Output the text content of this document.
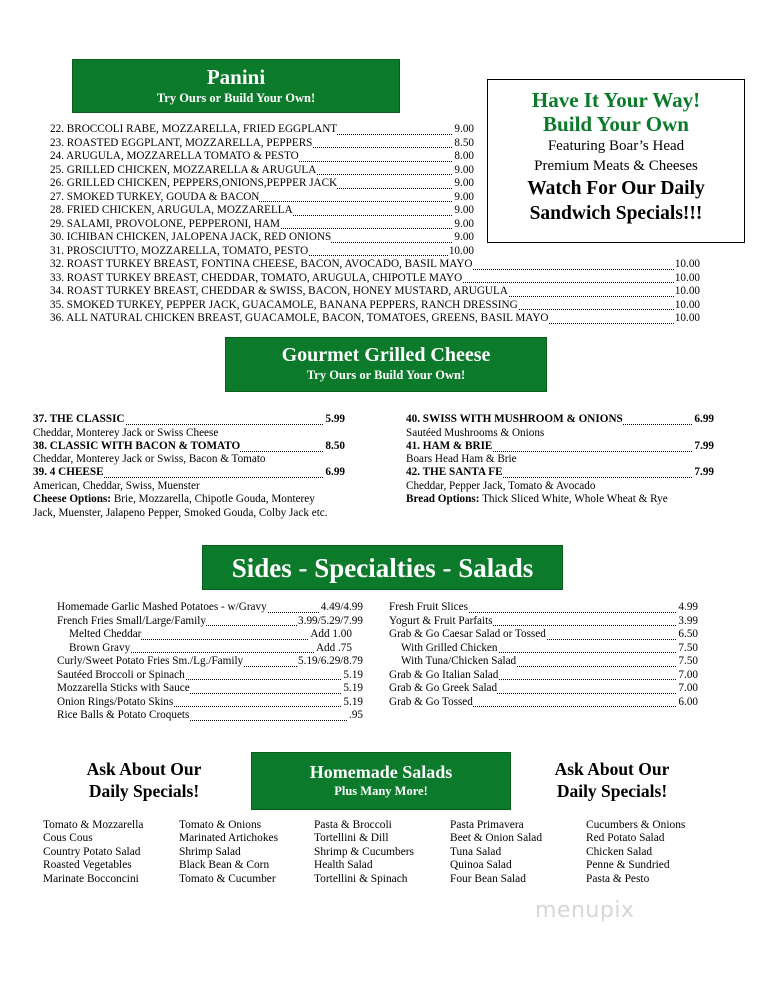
Panini
Try Ours or Build Your Own!
22. BROCCOLI RABE, MOZZARELLA, FRIED EGGPLANT	9.00
23. ROASTED EGGPLANT, MOZZARELLA, PEPPERS	8.50
24. ARUGULA, MOZZARELLA TOMATO & PESTO	8.00
25. GRILLED CHICKEN, MOZZARELLA & ARUGULA	9.00
26. GRILLED CHICKEN, PEPPERS,ONIONS,PEPPER JACK	9.00
27. SMOKED TURKEY, GOUDA & BACON	9.00
28. FRIED CHICKEN, ARUGULA, MOZZARELLA	9.00
29. SALAMI, PROVOLONE, PEPPERONI, HAM	9.00
30. ICHIBAN CHICKEN, JALOPENA JACK, RED ONIONS	9.00
31. PROSCIUTTO, MOZZARELLA, TOMATO, PESTO	10.00
32. ROAST TURKEY BREAST, FONTINA CHEESE, BACON, AVOCADO, BASIL MAYO	10.00
33. ROAST TURKEY BREAST, CHEDDAR, TOMATO, ARUGULA, CHIPOTLE MAYO	10.00
34. ROAST TURKEY BREAST, CHEDDAR & SWISS, BACON, HONEY MUSTARD, ARUGULA	10.00
35. SMOKED TURKEY, PEPPER JACK, GUACAMOLE, BANANA PEPPERS, RANCH DRESSING	10.00
36. ALL NATURAL CHICKEN BREAST, GUACAMOLE, BACON, TOMATOES, GREENS, BASIL MAYO	10.00
Have It Your Way!
Build Your Own
Featuring Boar’s Head
Premium Meats & Cheeses
Watch For Our Daily
Sandwich Specials!!!
Gourmet Grilled Cheese
Try Ours or Build Your Own!
37. THE CLASSIC	5.99
Cheddar, Monterey Jack or Swiss Cheese
38. CLASSIC WITH BACON & TOMATO	8.50
Cheddar, Monterey Jack or Swiss, Bacon & Tomato
39. 4 CHEESE	6.99
American, Cheddar, Swiss, Muenster
Cheese Options: Brie, Mozzarella, Chipotle Gouda, Monterey
Jack, Muenster, Jalapeno Pepper, Smoked Gouda, Colby Jack etc.
40. SWISS WITH MUSHROOM & ONIONS	6.99
Sautéed Mushrooms & Onions
41. HAM & BRIE	7.99
Boars Head Ham & Brie
42. THE SANTA FE	7.99
Cheddar, Pepper Jack, Tomato & Avocado
Bread Options: Thick Sliced White, Whole Wheat & Rye
Sides - Specialties - Salads
Homemade Garlic Mashed Potatoes - w/Gravy	4.49/4.99
French Fries Small/Large/Family	3.99/5.29/7.99
Melted Cheddar	Add 1.00
Brown Gravy	Add .75
Curly/Sweet Potato Fries Sm./Lg./Family	5.19/6.29/8.79
Sautéed Broccoli or Spinach	5.19
Mozzarella Sticks with Sauce	5.19
Onion Rings/Potato Skins	5.19
Rice Balls & Potato Croquets	.95
Fresh Fruit Slices	4.99
Yogurt & Fruit Parfaits	3.99
Grab & Go Caesar Salad or Tossed	6.50
With Grilled Chicken	7.50
With Tuna/Chicken Salad	7.50
Grab & Go Italian Salad	7.00
Grab & Go Greek Salad	7.00
Grab & Go Tossed	6.00
Ask About Our
Daily Specials!
Ask About Our
Daily Specials!
Homemade Salads
Plus Many More!
Tomato & Mozzarella
Cous Cous
Country Potato Salad
Roasted Vegetables
Marinate Bocconcini
Tomato & Onions
Marinated Artichokes
Shrimp Salad
Black Bean & Corn
Tomato & Cucumber
Pasta & Broccoli
Tortellini & Dill
Shrimp & Cucumbers
Health Salad
Tortellini & Spinach
Pasta Primavera
Beet & Onion Salad
Tuna Salad
Quinoa Salad
Four Bean Salad
Cucumbers & Onions
Red Potato Salad
Chicken Salad
Penne & Sundried
Pasta & Pesto
menupix
